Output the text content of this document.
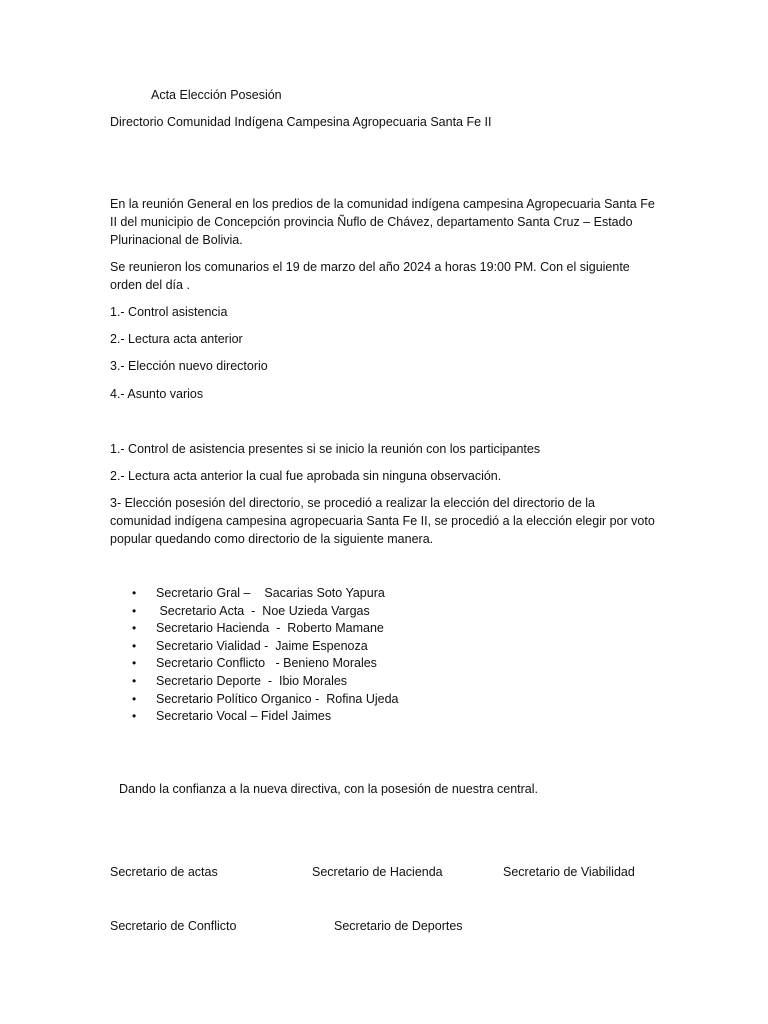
Acta Elección Posesión

Directorio Comunidad Indígena Campesina Agropecuaria Santa Fe II

En la reunión General en los predios de la comunidad indígena campesina Agropecuaria Santa Fe II del municipio de Concepción provincia Ñuflo de Chávez, departamento Santa Cruz – Estado Plurinacional de Bolivia.

Se reunieron los comunarios el 19 de marzo del año 2024 a horas 19:00 PM. Con el siguiente orden del día .

1.- Control asistencia

2.- Lectura acta anterior

3.- Elección nuevo directorio

4.- Asunto varios

1.- Control de asistencia presentes si se inicio la reunión con los participantes

2.- Lectura acta anterior la cual fue aprobada sin ninguna observación.

3- Elección posesión del directorio, se procedió a realizar la elección del directorio de la comunidad indígena campesina agropecuaria Santa Fe II, se procedió a la elección elegir por voto popular quedando como directorio de la siguiente manera.

• Secretario Gral –    Sacarias Soto Yapura
• Secretario Acta  -  Noe Uzieda Vargas
• Secretario Hacienda  -  Roberto Mamane
• Secretario Vialidad -  Jaime Espenoza
• Secretario Conflicto   - Benieno Morales
• Secretario Deporte  -  Ibio Morales
• Secretario Político Organico -  Rofina Ujeda
• Secretario Vocal – Fidel Jaimes

Dando la confianza a la nueva directiva, con la posesión de nuestra central.

Secretario de actas	Secretario de Hacienda	Secretario de Viabilidad

Secretario de Conflicto	Secretario de Deportes
